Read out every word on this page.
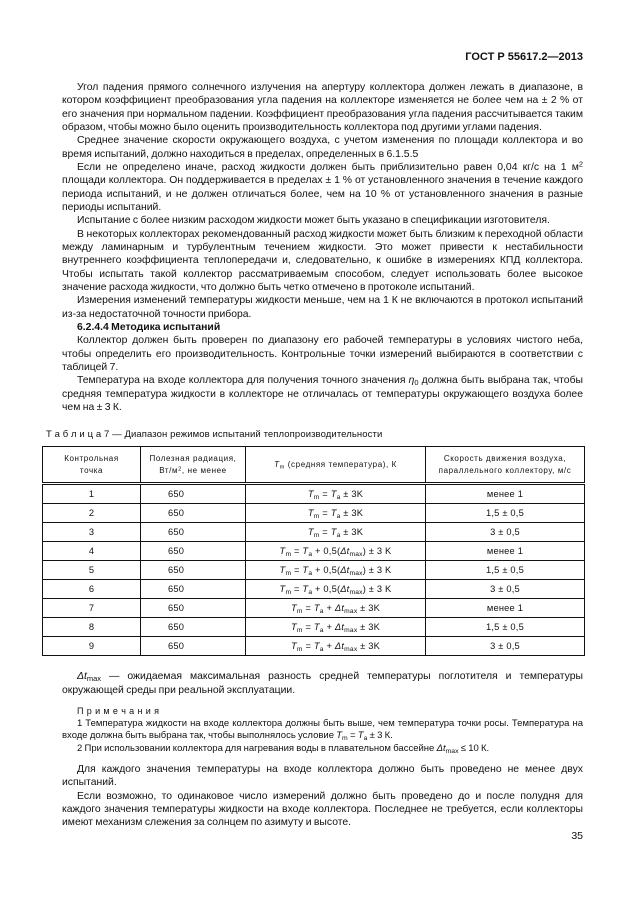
ГОСТ Р 55617.2—2013

Угол падения прямого солнечного излучения на апертуру коллектора должен лежать в диапазоне, в котором коэффициент преобразования угла падения на коллекторе изменяется не более чем на ± 2 % от его значения при нормальном падении. Коэффициент преобразования угла падения рассчитывается таким образом, чтобы можно было оценить производительность коллектора под другими углами падения.

Среднее значение скорости окружающего воздуха, с учетом изменения по площади коллектора и во время испытаний, должно находиться в пределах, определенных в 6.1.5.5

Если не определено иначе, расход жидкости должен быть приблизительно равен 0,04 кг/с на 1 $м^2$ площади коллектора. Он поддерживается в пределах ± 1 % от установленного значения в течение каждого периода испытаний, и не должен отличаться более, чем на 10 % от установленного значения в разные периоды испытаний.

Испытание с более низким расходом жидкости может быть указано в спецификации изготовителя.

В некоторых коллекторах рекомендованный расход жидкости может быть близким к переходной области между ламинарным и турбулентным течением жидкости. Это может привести к нестабильности внутреннего коэффициента теплопередачи и, следовательно, к ошибке в измерениях КПД коллектора. Чтобы испытать такой коллектор рассматриваемым способом, следует использовать более высокое значение расхода жидкости, что должно быть четко отмечено в протоколе испытаний.

Измерения изменений температуры жидкости меньше, чем на 1 К не включаются в протокол испытаний из-за недостаточной точности прибора.

6.2.4.4 Методика испытаний

Коллектор должен быть проверен по диапазону его рабочей температуры в условиях чистого неба, чтобы определить его производительность. Контрольные точки измерений выбираются в соответствии с таблицей 7.

Температура на входе коллектора для получения точного значения $\eta_0$ должна быть выбрана так, чтобы средняя температура жидкости в коллекторе не отличалась от температуры окружающего воздуха более чем на ± 3 К.

Т а б л и ц а 7 — Диапазон режимов испытаний теплопроизводительности
Контрольная
точка	Полезная радиация,
$Вт/м^2$, не менее	$T_m$ (средняя температура), К	Скорость движения воздуха,
параллельного коллектору, м/с
1	650	$T_m = T_a \pm 3K$	менее 1
2	650	$T_m = T_a \pm 3K$	1,5 ± 0,5
3	650	$T_m = T_a \pm 3K$	3 ± 0,5
4	650	$T_m = T_a + 0,5(\Delta t_{max}) \pm 3$ K	менее 1
5	650	$T_m = T_a + 0,5(\Delta t_{max}) \pm 3$ K	1,5 ± 0,5
6	650	$T_m = T_a + 0,5(\Delta t_{max}) \pm 3$ K	3 ± 0,5
7	650	$T_m = T_a + \Delta t_{max} \pm 3K$	менее 1
8	650	$T_m = T_a + \Delta t_{max} \pm 3K$	1,5 ± 0,5
9	650	$T_m = T_a + \Delta t_{max} \pm 3K$	3 ± 0,5

$\Delta t_{max}$ — ожидаемая максимальная разность средней температуры поглотителя и температуры окружающей среды при реальной эксплуатации.

П р и м е ч а н и я

1 Температура жидкости на входе коллектора должны быть выше, чем температура точки росы. Температура на входе должна быть выбрана так, чтобы выполнялось условие $T_m = T_a \pm 3$ К.

2 При использовании коллектора для нагревания воды в плавательном бассейне $\Delta t_{max} \le 10$ К.

Для каждого значения температуры на входе коллектора должно быть проведено не менее двух испытаний.

Если возможно, то одинаковое число измерений должно быть проведено до и после полудня для каждого значения температуры жидкости на входе коллектора. Последнее не требуется, если коллекторы имеют механизм слежения за солнцем по азимуту и высоте.

35
